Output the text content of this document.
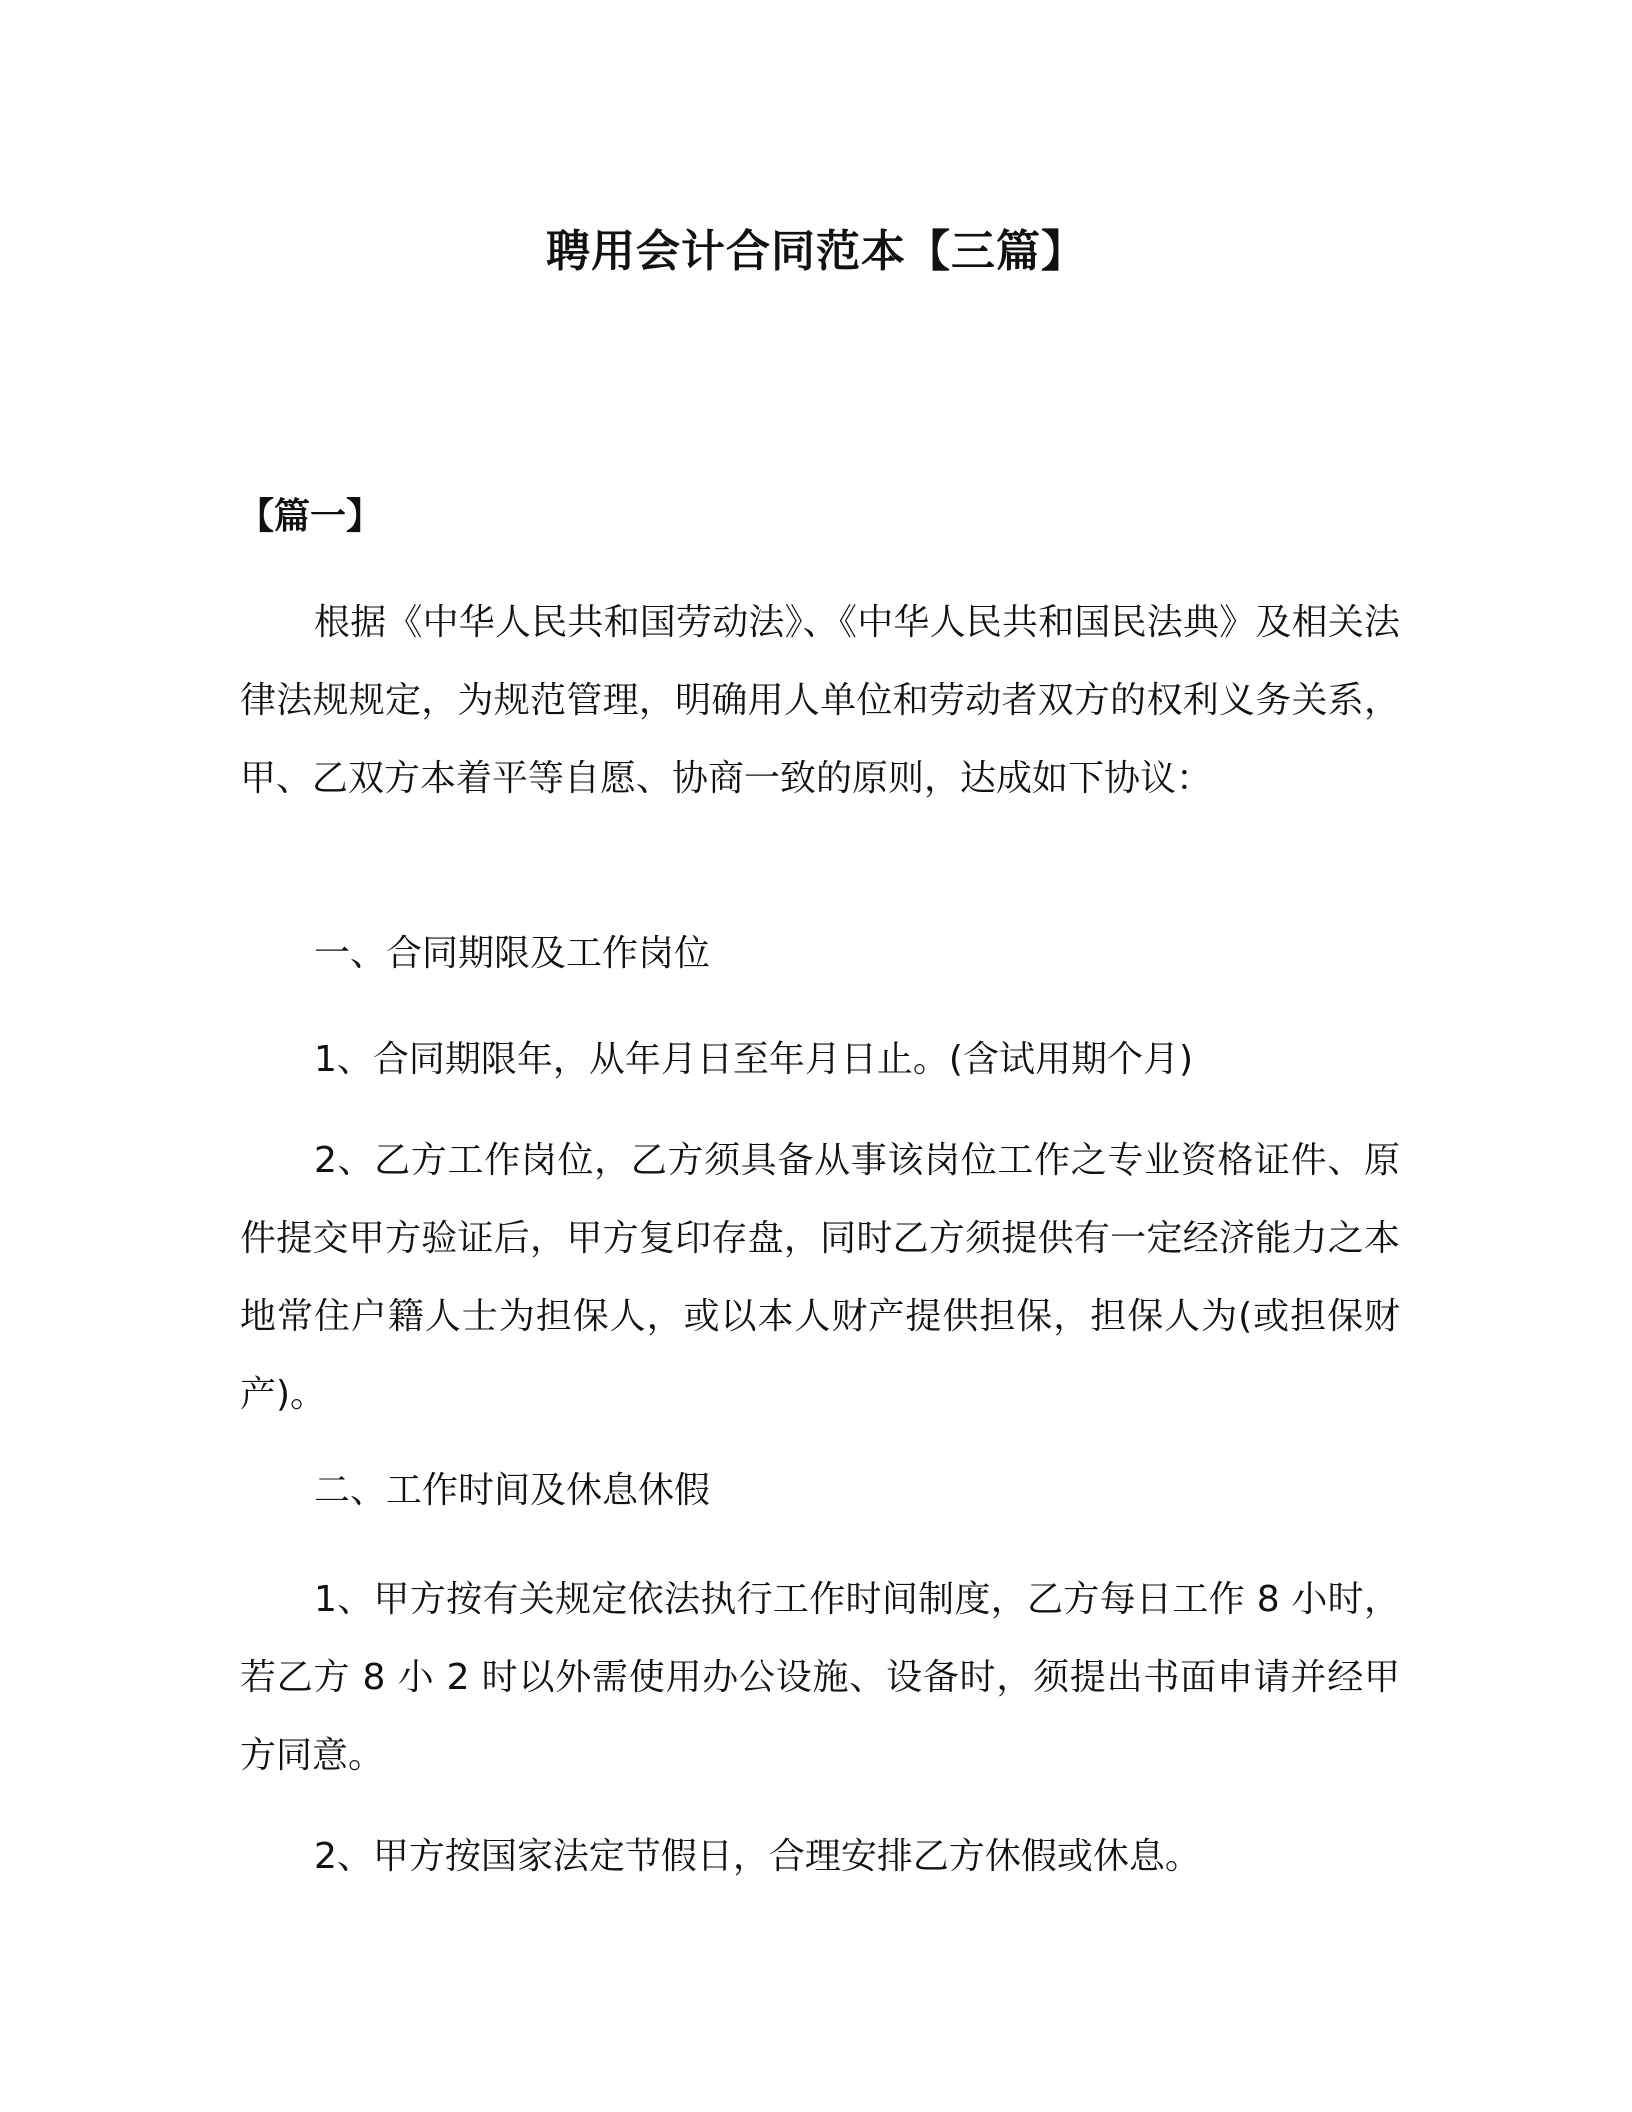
聘用会计合同范本【三篇】
【篇一】

根据《中华人民共和国劳动法》、《中华人民共和国民法典》及相关法律法规规定，为规范管理，明确用人单位和劳动者双方的权利义务关系，甲、乙双方本着平等自愿、协商一致的原则，达成如下协议：

一、合同期限及工作岗位

1、合同期限年，从年月日至年月日止。(含试用期个月)

2、乙方工作岗位，乙方须具备从事该岗位工作之专业资格证件、原件提交甲方验证后，甲方复印存盘，同时乙方须提供有一定经济能力之本地常住户籍人士为担保人，或以本人财产提供担保，担保人为(或担保财产)。

二、工作时间及休息休假

1、甲方按有关规定依法执行工作时间制度，乙方每日工作 8 小时，若乙方 8 小 2 时以外需使用办公设施、设备时，须提出书面申请并经甲方同意。

2、甲方按国家法定节假日，合理安排乙方休假或休息。
